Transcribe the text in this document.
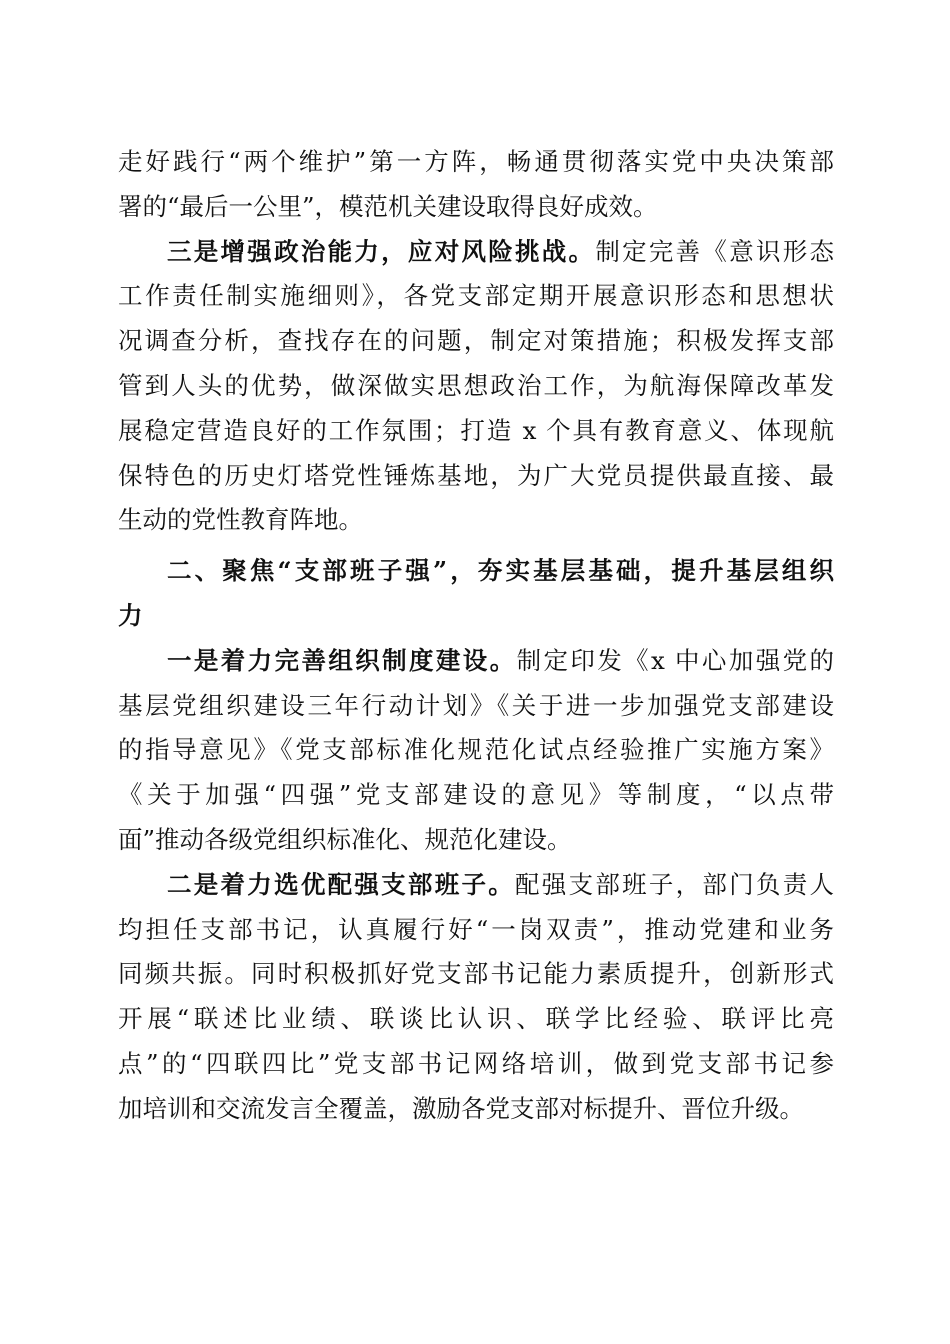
走好践行“两个维护”第一方阵，畅通贯彻落实党中央决策部
署的“最后一公里”，模范机关建设取得良好成效。
三是增强政治能力，应对风险挑战。制定完善《意识形态
工作责任制实施细则》，各党支部定期开展意识形态和思想状
况调查分析，查找存在的问题，制定对策措施；积极发挥支部
管到人头的优势，做深做实思想政治工作，为航海保障改革发
展稳定营造良好的工作氛围；打造 x 个具有教育意义、体现航
保特色的历史灯塔党性锤炼基地，为广大党员提供最直接、最
生动的党性教育阵地。
二、聚焦“支部班子强”，夯实基层基础，提升基层组织
力
一是着力完善组织制度建设。制定印发《x 中心加强党的
基层党组织建设三年行动计划》《关于进一步加强党支部建设
的指导意见》《党支部标准化规范化试点经验推广实施方案》
《关于加强“四强”党支部建设的意见》等制度，“以点带
面”推动各级党组织标准化、规范化建设。
二是着力选优配强支部班子。配强支部班子，部门负责人
均担任支部书记，认真履行好“一岗双责”，推动党建和业务
同频共振。同时积极抓好党支部书记能力素质提升，创新形式
开展“联述比业绩、联谈比认识、联学比经验、联评比亮
点”的“四联四比”党支部书记网络培训，做到党支部书记参
加培训和交流发言全覆盖，激励各党支部对标提升、晋位升级。
